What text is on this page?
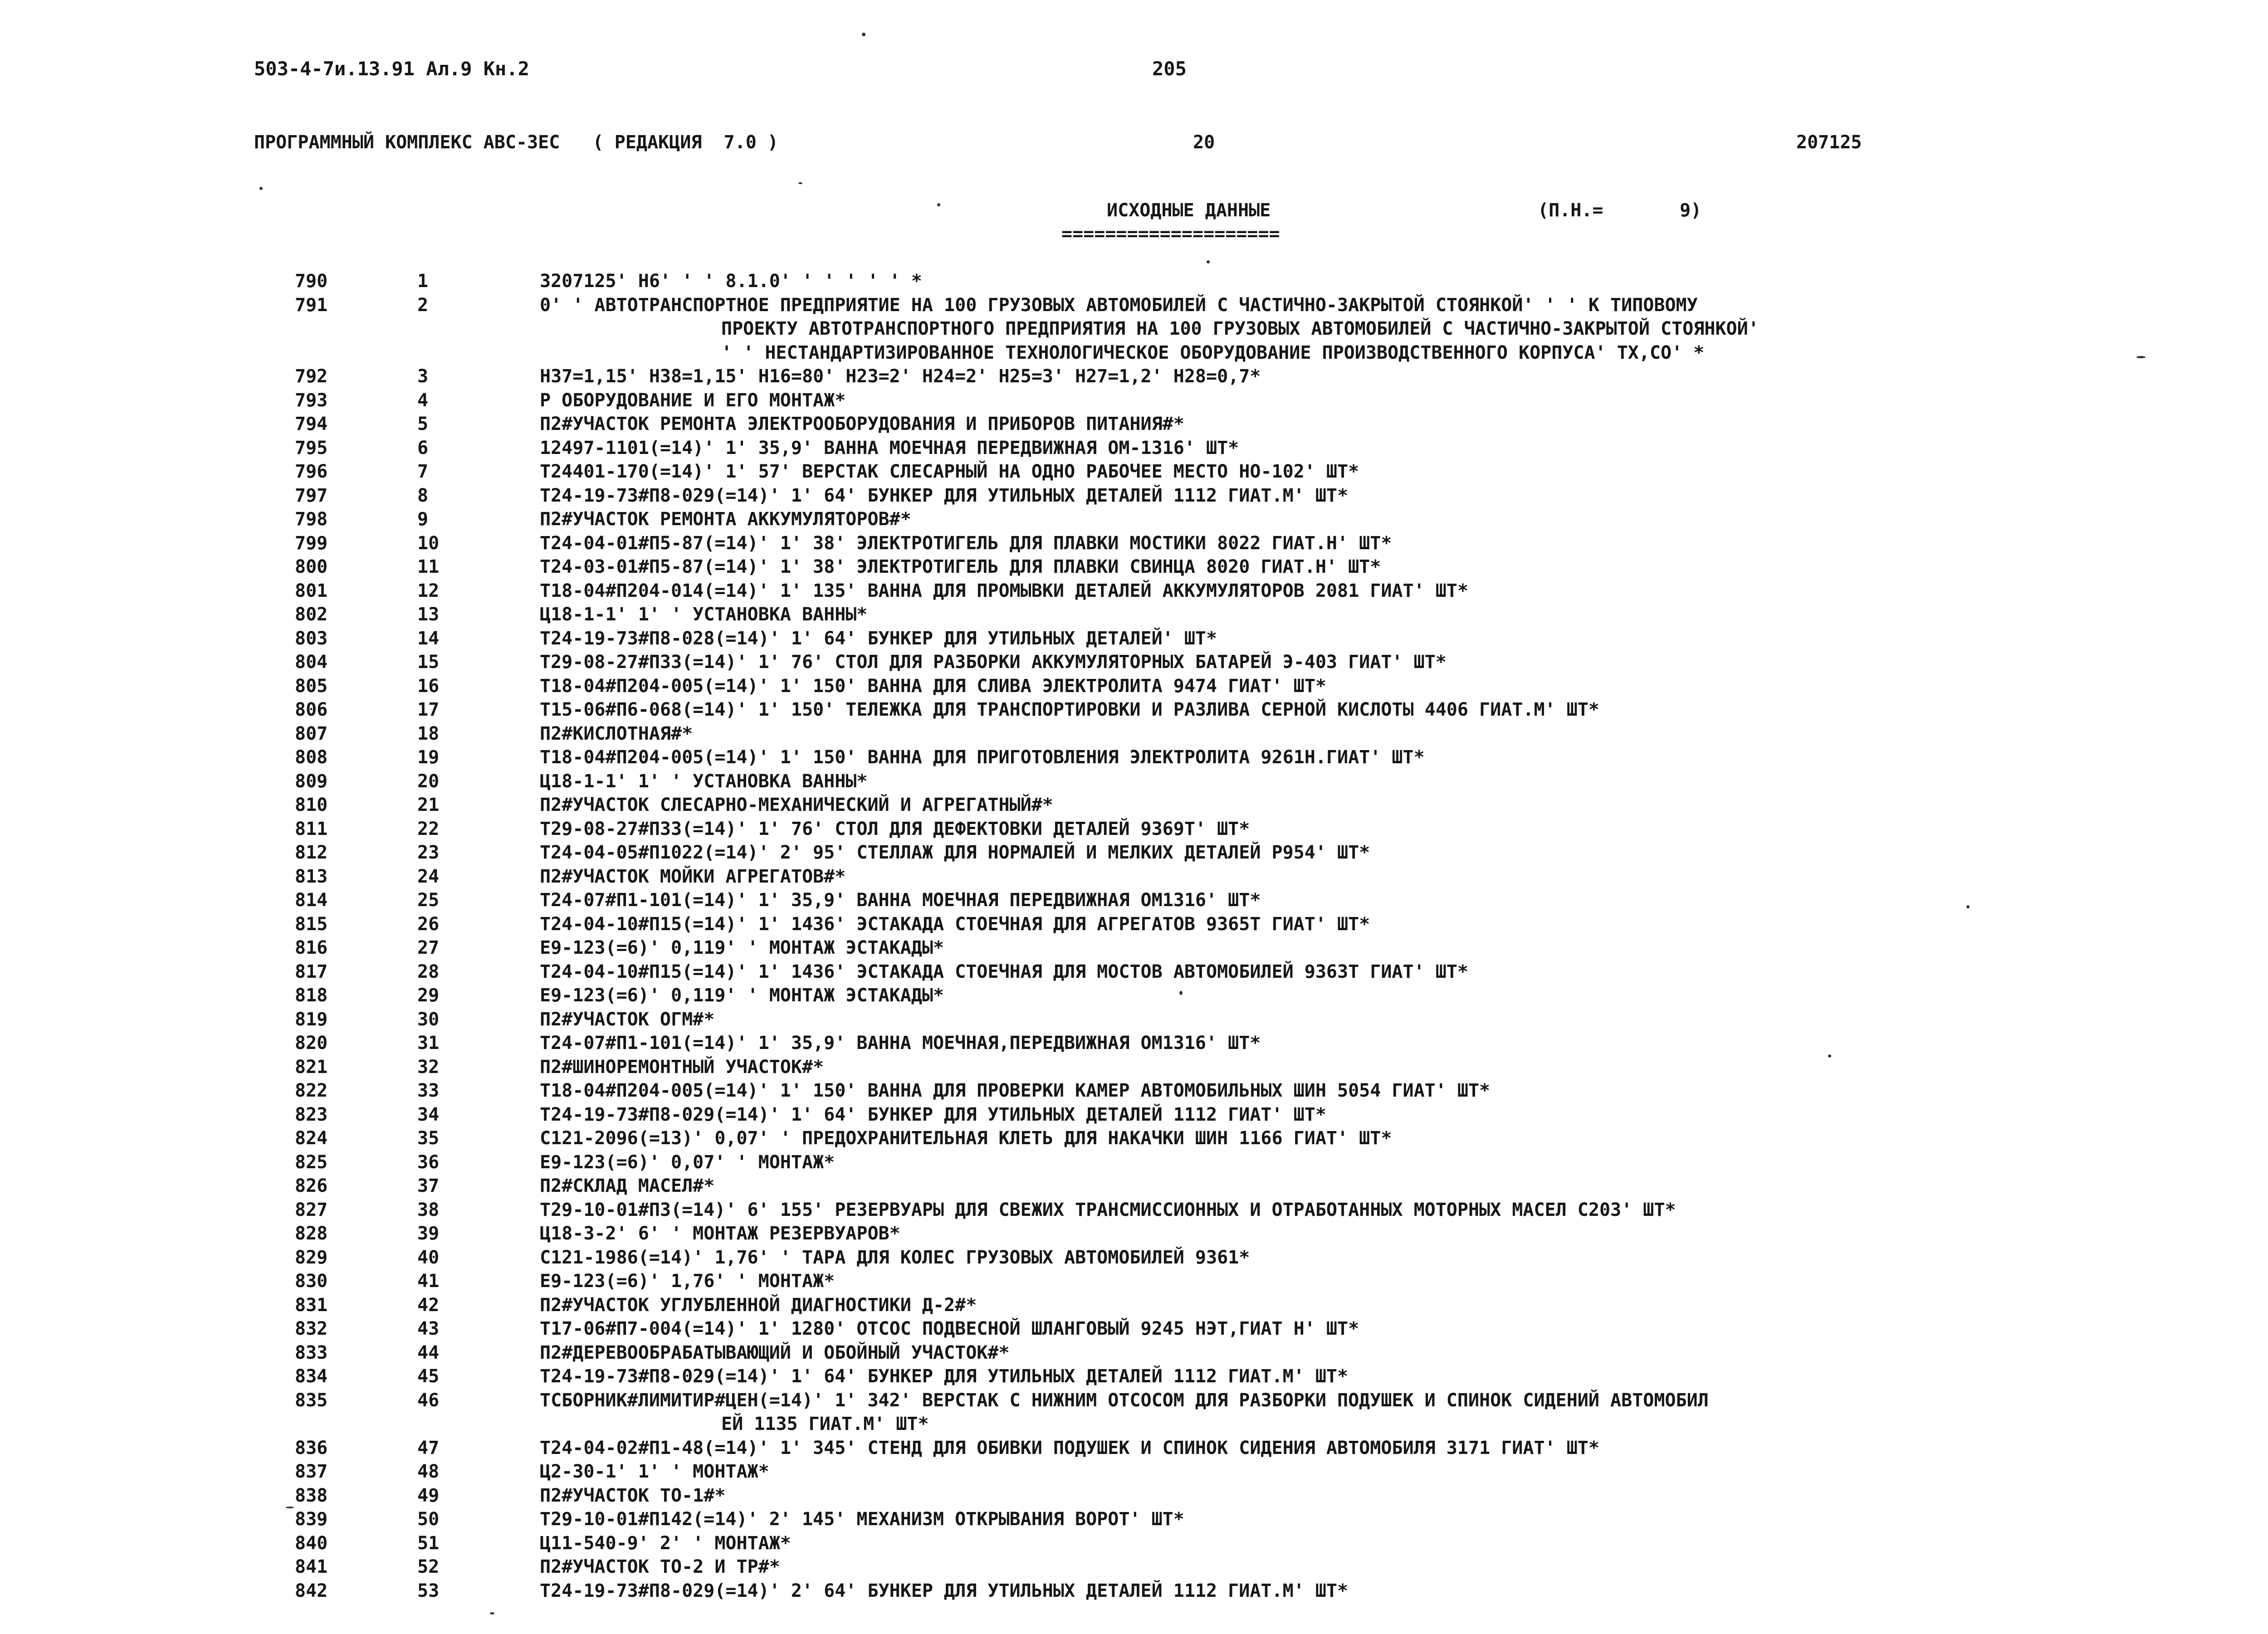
503-4-7и.13.91 Ал.9 Кн.2	205
ПРОГРАММНЫЙ КОМПЛЕКС АВС-ЗЕС   ( РЕДАКЦИЯ  7.0 )	20	207125
ИСХОДНЫЕ ДАННЫЕ	(П.Н.=       9)
====================
790	1	3207125' Н6' ' ' 8.1.0' ' ' ' ' ' *
791	2	0' ' АВТОТРАНСПОРТНОЕ ПРЕДПРИЯТИЕ НА 100 ГРУЗОВЫХ АВТОМОБИЛЕЙ С ЧАСТИЧНО-ЗАКРЫТОЙ СТОЯНКОЙ' ' ' К ТИПОВОМУ
ПРОЕКТУ АВТОТРАНСПОРТНОГО ПРЕДПРИЯТИЯ НА 100 ГРУЗОВЫХ АВТОМОБИЛЕЙ С ЧАСТИЧНО-ЗАКРЫТОЙ СТОЯНКОЙ'
' ' НЕСТАНДАРТИЗИРОВАННОЕ ТЕХНОЛОГИЧЕСКОЕ ОБОРУДОВАНИЕ ПРОИЗВОДСТВЕННОГО КОРПУСА' ТХ,СО' *
792	3	Н37=1,15' Н38=1,15' Н16=80' Н23=2' Н24=2' Н25=3' Н27=1,2' Н28=0,7*
793	4	Р ОБОРУДОВАНИЕ И ЕГО МОНТАЖ*
794	5	П2#УЧАСТОК РЕМОНТА ЭЛЕКТРООБОРУДОВАНИЯ И ПРИБОРОВ ПИТАНИЯ#*
795	6	12497-1101(=14)' 1' 35,9' ВАННА МОЕЧНАЯ ПЕРЕДВИЖНАЯ ОМ-1316' ШТ*
796	7	Т24401-170(=14)' 1' 57' ВЕРСТАК СЛЕСАРНЫЙ НА ОДНО РАБОЧЕЕ МЕСТО НО-102' ШТ*
797	8	Т24-19-73#П8-029(=14)' 1' 64' БУНКЕР ДЛЯ УТИЛЬНЫХ ДЕТАЛЕЙ 1112 ГИАТ.М' ШТ*
798	9	П2#УЧАСТОК РЕМОНТА АККУМУЛЯТОРОВ#*
799	10	Т24-04-01#П5-87(=14)' 1' 38' ЭЛЕКТРОТИГЕЛЬ ДЛЯ ПЛАВКИ МОСТИКИ 8022 ГИАТ.Н' ШТ*
800	11	Т24-03-01#П5-87(=14)' 1' 38' ЭЛЕКТРОТИГЕЛЬ ДЛЯ ПЛАВКИ СВИНЦА 8020 ГИАТ.Н' ШТ*
801	12	Т18-04#П204-014(=14)' 1' 135' ВАННА ДЛЯ ПРОМЫВКИ ДЕТАЛЕЙ АККУМУЛЯТОРОВ 2081 ГИАТ' ШТ*
802	13	Ц18-1-1' 1' ' УСТАНОВКА ВАННЫ*
803	14	Т24-19-73#П8-028(=14)' 1' 64' БУНКЕР ДЛЯ УТИЛЬНЫХ ДЕТАЛЕЙ' ШТ*
804	15	Т29-08-27#П33(=14)' 1' 76' СТОЛ ДЛЯ РАЗБОРКИ АККУМУЛЯТОРНЫХ БАТАРЕЙ Э-403 ГИАТ' ШТ*
805	16	Т18-04#П204-005(=14)' 1' 150' ВАННА ДЛЯ СЛИВА ЭЛЕКТРОЛИТА 9474 ГИАТ' ШТ*
806	17	Т15-06#П6-068(=14)' 1' 150' ТЕЛЕЖКА ДЛЯ ТРАНСПОРТИРОВКИ И РАЗЛИВА СЕРНОЙ КИСЛОТЫ 4406 ГИАТ.М' ШТ*
807	18	П2#КИСЛОТНАЯ#*
808	19	Т18-04#П204-005(=14)' 1' 150' ВАННА ДЛЯ ПРИГОТОВЛЕНИЯ ЭЛЕКТРОЛИТА 9261Н.ГИАТ' ШТ*
809	20	Ц18-1-1' 1' ' УСТАНОВКА ВАННЫ*
810	21	П2#УЧАСТОК СЛЕСАРНО-МЕХАНИЧЕСКИЙ И АГРЕГАТНЫЙ#*
811	22	Т29-08-27#П33(=14)' 1' 76' СТОЛ ДЛЯ ДЕФЕКТОВКИ ДЕТАЛЕЙ 9369Т' ШТ*
812	23	Т24-04-05#П1022(=14)' 2' 95' СТЕЛЛАЖ ДЛЯ НОРМАЛЕЙ И МЕЛКИХ ДЕТАЛЕЙ Р954' ШТ*
813	24	П2#УЧАСТОК МОЙКИ АГРЕГАТОВ#*
814	25	Т24-07#П1-101(=14)' 1' 35,9' ВАННА МОЕЧНАЯ ПЕРЕДВИЖНАЯ ОМ1316' ШТ*
815	26	Т24-04-10#П15(=14)' 1' 1436' ЭСТАКАДА СТОЕЧНАЯ ДЛЯ АГРЕГАТОВ 9365Т ГИАТ' ШТ*
816	27	Е9-123(=6)' 0,119' ' МОНТАЖ ЭСТАКАДЫ*
817	28	Т24-04-10#П15(=14)' 1' 1436' ЭСТАКАДА СТОЕЧНАЯ ДЛЯ МОСТОВ АВТОМОБИЛЕЙ 9363Т ГИАТ' ШТ*
818	29	Е9-123(=6)' 0,119' ' МОНТАЖ ЭСТАКАДЫ*
819	30	П2#УЧАСТОК ОГМ#*
820	31	Т24-07#П1-101(=14)' 1' 35,9' ВАННА МОЕЧНАЯ,ПЕРЕДВИЖНАЯ ОМ1316' ШТ*
821	32	П2#ШИНОРЕМОНТНЫЙ УЧАСТОК#*
822	33	Т18-04#П204-005(=14)' 1' 150' ВАННА ДЛЯ ПРОВЕРКИ КАМЕР АВТОМОБИЛЬНЫХ ШИН 5054 ГИАТ' ШТ*
823	34	Т24-19-73#П8-029(=14)' 1' 64' БУНКЕР ДЛЯ УТИЛЬНЫХ ДЕТАЛЕЙ 1112 ГИАТ' ШТ*
824	35	С121-2096(=13)' 0,07' ' ПРЕДОХРАНИТЕЛЬНАЯ КЛЕТЬ ДЛЯ НАКАЧКИ ШИН 1166 ГИАТ' ШТ*
825	36	Е9-123(=6)' 0,07' ' МОНТАЖ*
826	37	П2#СКЛАД МАСЕЛ#*
827	38	Т29-10-01#П3(=14)' 6' 155' РЕЗЕРВУАРЫ ДЛЯ СВЕЖИХ ТРАНСМИССИОННЫХ И ОТРАБОТАННЫХ МОТОРНЫХ МАСЕЛ С203' ШТ*
828	39	Ц18-3-2' 6' ' МОНТАЖ РЕЗЕРВУАРОВ*
829	40	С121-1986(=14)' 1,76' ' ТАРА ДЛЯ КОЛЕС ГРУЗОВЫХ АВТОМОБИЛЕЙ 9361*
830	41	Е9-123(=6)' 1,76' ' МОНТАЖ*
831	42	П2#УЧАСТОК УГЛУБЛЕННОЙ ДИАГНОСТИКИ Д-2#*
832	43	Т17-06#П7-004(=14)' 1' 1280' ОТСОС ПОДВЕСНОЙ ШЛАНГОВЫЙ 9245 НЭТ,ГИАТ Н' ШТ*
833	44	П2#ДЕРЕВООБРАБАТЫВАЮЩИЙ И ОБОЙНЫЙ УЧАСТОК#*
834	45	Т24-19-73#П8-029(=14)' 1' 64' БУНКЕР ДЛЯ УТИЛЬНЫХ ДЕТАЛЕЙ 1112 ГИАТ.М' ШТ*
835	46	ТСБОРНИК#ЛИМИТИР#ЦЕН(=14)' 1' 342' ВЕРСТАК С НИЖНИМ ОТСОСОМ ДЛЯ РАЗБОРКИ ПОДУШЕК И СПИНОК СИДЕНИЙ АВТОМОБИЛ
ЕЙ 1135 ГИАТ.М' ШТ*
836	47	Т24-04-02#П1-48(=14)' 1' 345' СТЕНД ДЛЯ ОБИВКИ ПОДУШЕК И СПИНОК СИДЕНИЯ АВТОМОБИЛЯ 3171 ГИАТ' ШТ*
837	48	Ц2-30-1' 1' ' МОНТАЖ*
838	49	П2#УЧАСТОК ТО-1#*
839	50	Т29-10-01#П142(=14)' 2' 145' МЕХАНИЗМ ОТКРЫВАНИЯ ВОРОТ' ШТ*
840	51	Ц11-540-9' 2' ' МОНТАЖ*
841	52	П2#УЧАСТОК ТО-2 И ТР#*
842	53	Т24-19-73#П8-029(=14)' 2' 64' БУНКЕР ДЛЯ УТИЛЬНЫХ ДЕТАЛЕЙ 1112 ГИАТ.М' ШТ*
